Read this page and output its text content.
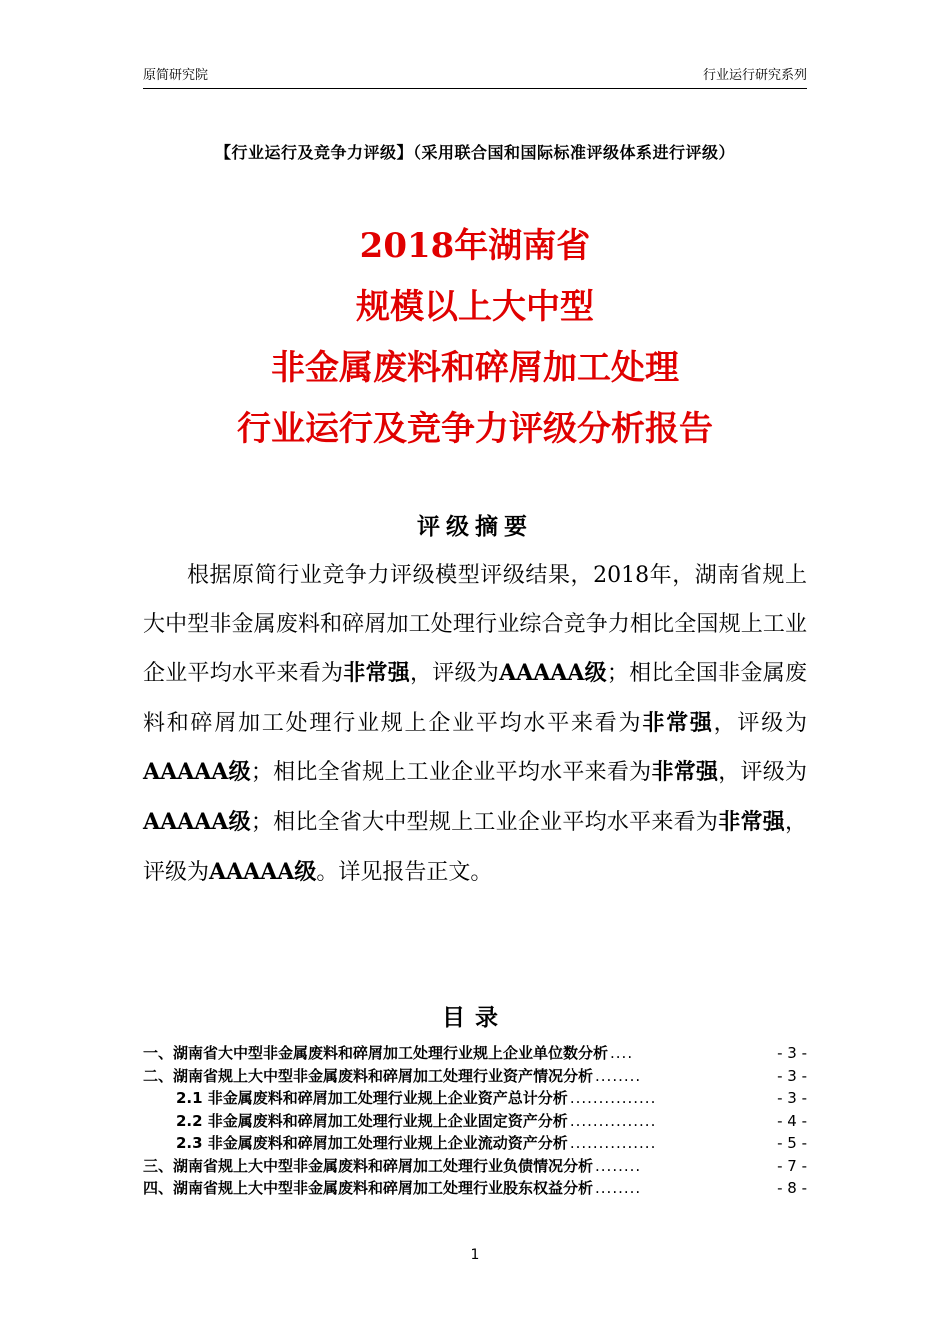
原简研究院	行业运行研究系列
【行业运行及竞争力评级】（采用联合国和国际标准评级体系进行评级）
2018年湖南省
规模以上大中型
非金属废料和碎屑加工处理
行业运行及竞争力评级分析报告
评级摘要

根据原简行业竞争力评级模型评级结果，2018年，湖南省规上大中型非金属废料和碎屑加工处理行业综合竞争力相比全国规上工业企业平均水平来看为非常强，评级为AAAAA级；相比全国非金属废料和碎屑加工处理行业规上企业平均水平来看为非常强，评级为AAAAA级；相比全省规上工业企业平均水平来看为非常强，评级为AAAAA级；相比全省大中型规上工业企业平均水平来看为非常强，评级为AAAAA级。详见报告正文。

目录
一、湖南省大中型非金属废料和碎屑加工处理行业规上企业单位数分析 ....	- 3 -
二、湖南省规上大中型非金属废料和碎屑加工处理行业资产情况分析 ........	- 3 -
2.1 非金属废料和碎屑加工处理行业规上企业资产总计分析 ...............	- 3 -
2.2 非金属废料和碎屑加工处理行业规上企业固定资产分析 ...............	- 4 -
2.3 非金属废料和碎屑加工处理行业规上企业流动资产分析 ...............	- 5 -
三、湖南省规上大中型非金属废料和碎屑加工处理行业负债情况分析 ........	- 7 -
四、湖南省规上大中型非金属废料和碎屑加工处理行业股东权益分析 ........	- 8 -
1
